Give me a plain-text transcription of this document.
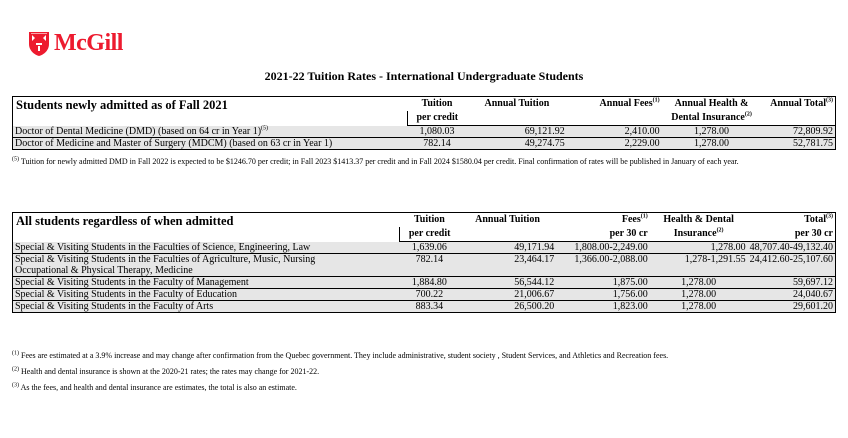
McGill
2021-22 Tuition Rates - International Undergraduate Students
Students newly admitted as of Fall 2021	Tuition	Annual Tuition	Annual Fees$^{(1)}$	Annual Health &	Annual Total$^{(3)}$
	per credit			Dental Insurance$^{(2)}$	
Doctor of Dental Medicine (DMD) (based on 64 cr in Year 1)$^{(5)}$	1,080.03	69,121.92	2,410.00	1,278.00	72,809.92
Doctor of Medicine and Master of Surgery (MDCM) (based on 63 cr in Year 1)	782.14	49,274.75	2,229.00	1,278.00	52,781.75
$^{(5)}$ Tuition for newly admitted DMD in Fall 2022 is expected to be $1246.70 per credit; in Fall 2023 $1413.37 per credit and in Fall 2024 $1580.04 per credit. Final confirmation of rates will be published in January of each year.
All students regardless of when admitted	Tuition	Annual Tuition	Fees$^{(1)}$	Health & Dental	Total$^{(3)}$
	per credit		per 30 cr	Insurance$^{(2)}$	per 30 cr
Special & Visiting Students in the Faculties of Science, Engineering, Law	1,639.06	49,171.94	1,808.00-2,249.00	1,278.00	48,707.40-49,132.40
Special & Visiting Students in the Faculties of Agriculture, Music, Nursing	782.14	23,464.17	1,366.00-2,088.00	1,278-1,291.55	24,412.60-25,107.60
Occupational & Physical Therapy, Medicine					
Special & Visiting Students in the Faculty of Management	1,884.80	56,544.12	1,875.00	1,278.00	59,697.12
Special & Visiting Students in the Faculty of Education	700.22	21,006.67	1,756.00	1,278.00	24,040.67
Special & Visiting Students in the Faculty of Arts	883.34	26,500.20	1,823.00	1,278.00	29,601.20
$^{(1)}$ Fees are estimated at a 3.9% increase and may change after confirmation from the Quebec government. They include administrative, student society , Student Services, and Athletics and Recreation fees.
$^{(2)}$ Health and dental insurance is shown at the 2020-21 rates; the rates may change for 2021-22.
$^{(3)}$ As the fees, and health and dental insurance are estimates, the total is also an estimate.
